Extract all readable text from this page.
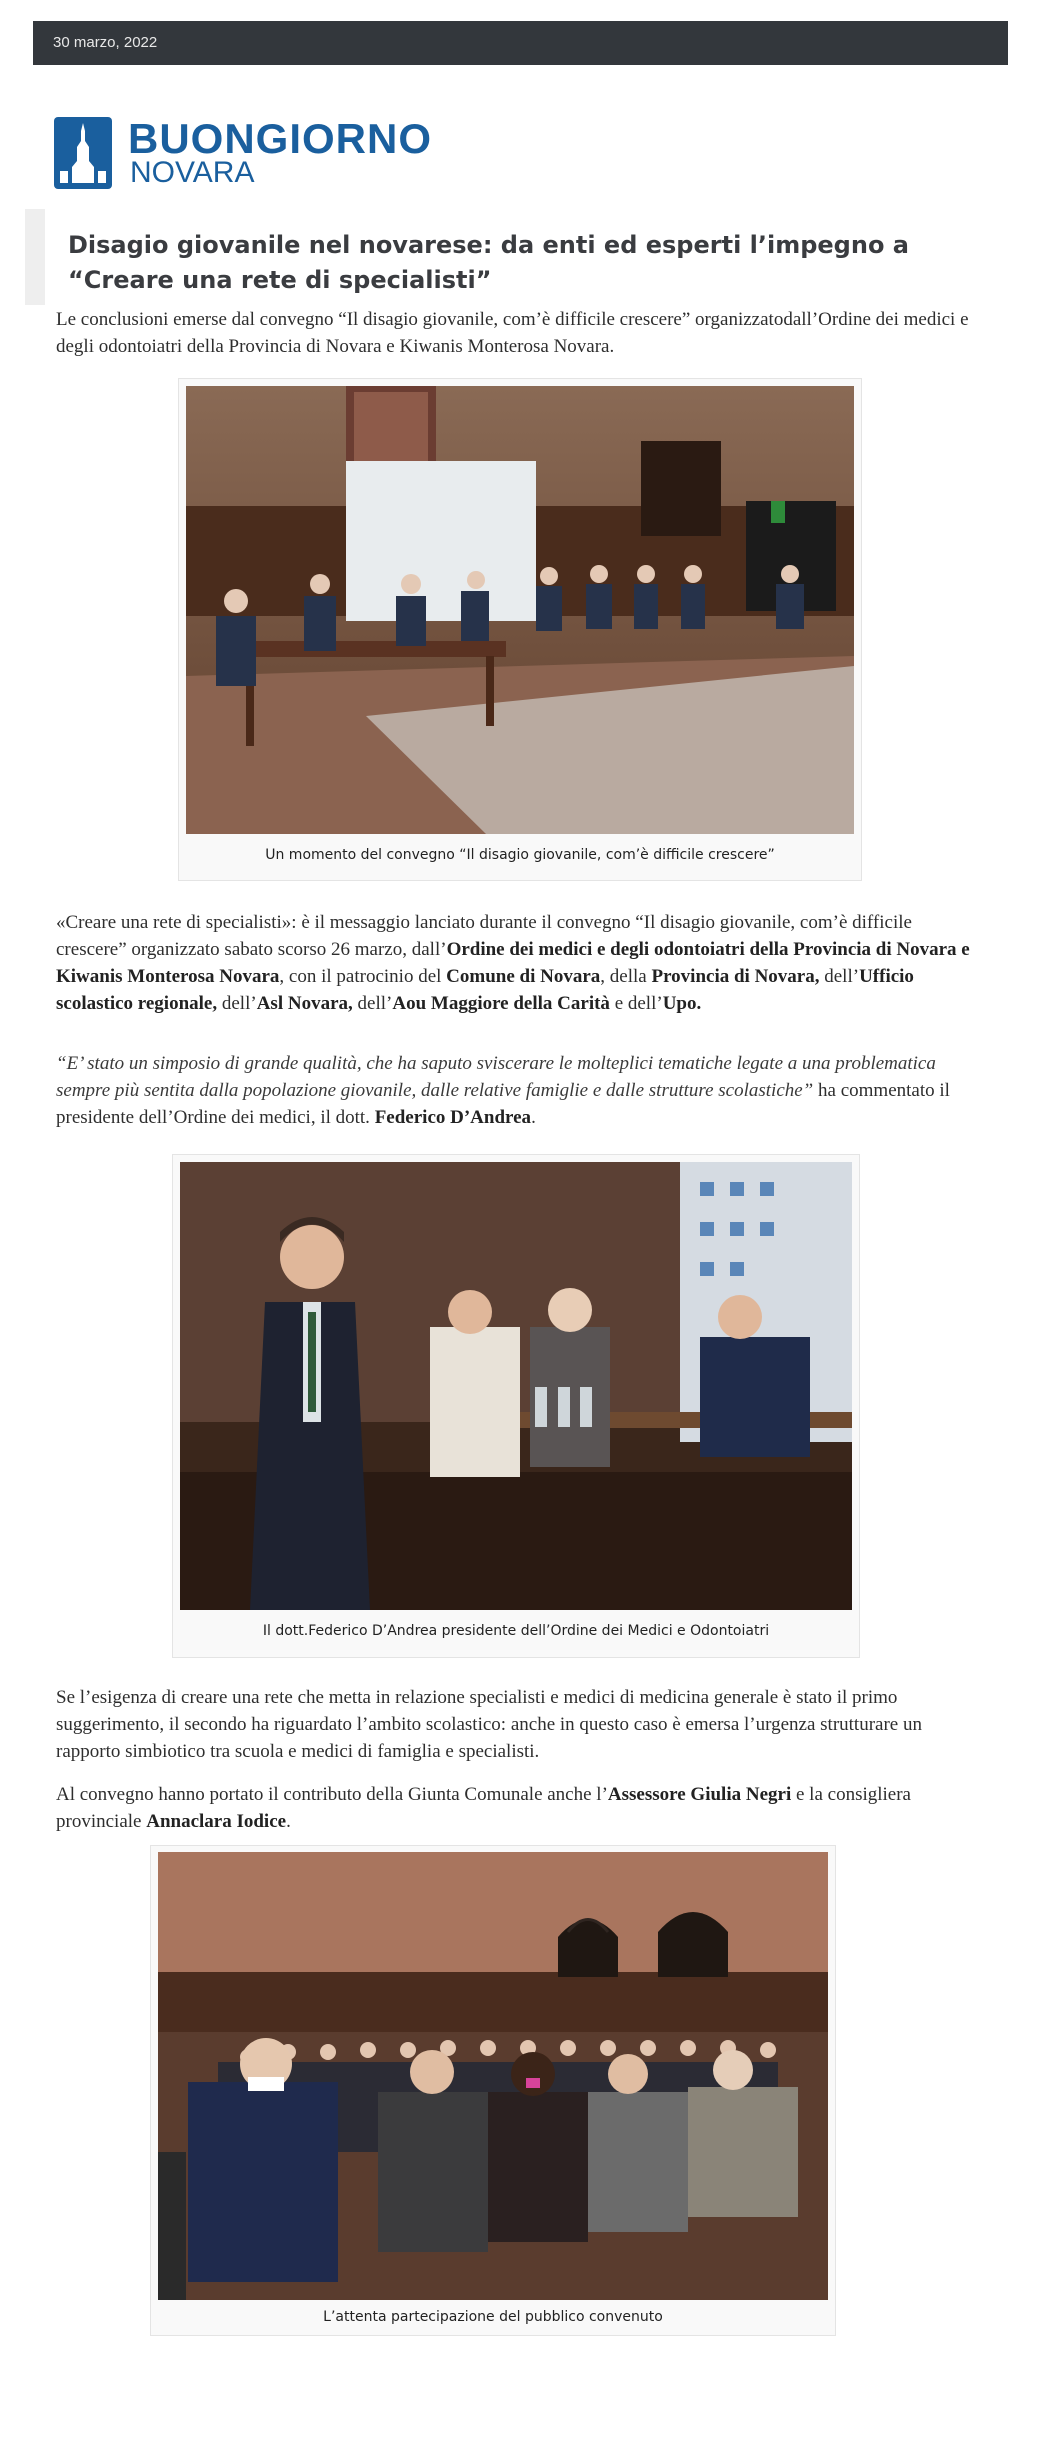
30 marzo, 2022
BUONGIORNO
NOVARA
Disagio giovanile nel novarese: da enti ed esperti l’impegno a “Creare una rete di specialisti”

Le conclusioni emerse dal convegno “Il disagio giovanile, com’è difficile crescere” organizzatodall’Ordine dei medici e degli odontoiatri della Provincia di Novara e Kiwanis Monterosa Novara.

Un momento del convegno “Il disagio giovanile, com’è difficile crescere”

«Creare una rete di specialisti»: è il messaggio lanciato durante il convegno “Il disagio giovanile, com’è difficile crescere” organizzato sabato scorso 26 marzo, dall’Ordine dei medici e degli odontoiatri della Provincia di Novara e Kiwanis Monterosa Novara, con il patrocinio del Comune di Novara, della Provincia di Novara, dell’Ufficio scolastico regionale, dell’Asl Novara, dell’Aou Maggiore della Carità e dell’Upo.

“E’ stato un simposio di grande qualità, che ha saputo sviscerare le molteplici tematiche legate a una problematica sempre più sentita dalla popolazione giovanile, dalle relative famiglie e dalle strutture scolastiche” ha commentato il presidente dell’Ordine dei medici, il dott. Federico D’Andrea.

Il dott.Federico D’Andrea presidente dell’Ordine dei Medici e Odontoiatri

Se l’esigenza di creare una rete che metta in relazione specialisti e medici di medicina generale è stato il primo suggerimento, il secondo ha riguardato l’ambito scolastico: anche in questo caso è emersa l’urgenza strutturare un rapporto simbiotico tra scuola e medici di famiglia e specialisti.

Al convegno hanno portato il contributo della Giunta Comunale anche l’Assessore Giulia Negri e la consigliera provinciale Annaclara Iodice.

L’attenta partecipazione del pubblico convenuto
